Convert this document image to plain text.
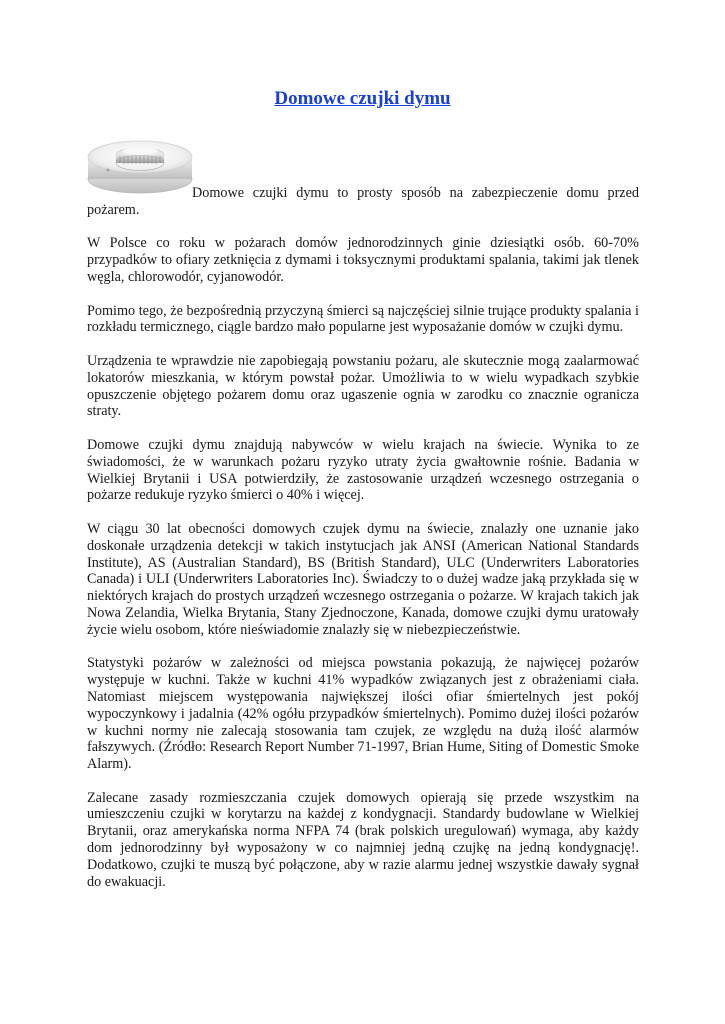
Domowe czujki dymu

Domowe czujki dymu to prosty sposób na zabezpieczenie domu przed pożarem.

W Polsce co roku w pożarach domów jednorodzinnych ginie dziesiątki osób. 60-70% przypadków to ofiary zetknięcia z dymami i toksycznymi produktami spalania, takimi jak tlenek węgla, chlorowodór, cyjanowodór.

Pomimo tego, że bezpośrednią przyczyną śmierci są najczęściej silnie trujące produkty spalania i rozkładu termicznego, ciągle bardzo mało popularne jest wyposażanie domów w czujki dymu.

Urządzenia te wprawdzie nie zapobiegają powstaniu pożaru, ale skutecznie mogą zaalarmować lokatorów mieszkania, w którym powstał pożar. Umożliwia to w wielu wypadkach szybkie opuszczenie objętego pożarem domu oraz ugaszenie ognia w zarodku co znacznie ogranicza straty.

Domowe czujki dymu znajdują nabywców w wielu krajach na świecie. Wynika to ze świadomości, że w warunkach pożaru ryzyko utraty życia gwałtownie rośnie. Badania w Wielkiej Brytanii i USA potwierdziły, że zastosowanie urządzeń wczesnego ostrzegania o pożarze redukuje ryzyko śmierci o 40% i więcej.

W ciągu 30 lat obecności domowych czujek dymu na świecie, znalazły one uznanie jako doskonałe urządzenia detekcji w takich instytucjach jak ANSI (American National Standards Institute), AS (Australian Standard), BS (British Standard), ULC (Underwriters Laboratories Canada) i ULI (Underwriters Laboratories Inc). Świadczy to o dużej wadze jaką przykłada się w niektórych krajach do prostych urządzeń wczesnego ostrzegania o pożarze. W krajach takich jak Nowa Zelandia, Wielka Brytania, Stany Zjednoczone, Kanada, domowe czujki dymu uratowały życie wielu osobom, które nieświadomie znalazły się w niebezpieczeństwie.

Statystyki pożarów w zależności od miejsca powstania pokazują, że najwięcej pożarów występuje w kuchni. Także w kuchni 41% wypadków związanych jest z obrażeniami ciała. Natomiast miejscem występowania największej ilości ofiar śmiertelnych jest pokój wypoczynkowy i jadalnia (42% ogółu przypadków śmiertelnych). Pomimo dużej ilości pożarów w kuchni normy nie zalecają stosowania tam czujek, ze względu na dużą ilość alarmów fałszywych. (Źródło: Research Report Number 71-1997, Brian Hume, Siting of Domestic Smoke Alarm).

Zalecane zasady rozmieszczania czujek domowych opierają się przede wszystkim na umieszczeniu czujki w korytarzu na każdej z kondygnacji. Standardy budowlane w Wielkiej Brytanii, oraz amerykańska norma NFPA 74 (brak polskich uregulowań) wymaga, aby każdy dom jednorodzinny był wyposażony w co najmniej jedną czujkę na jedną kondygnację!. Dodatkowo, czujki te muszą być połączone, aby w razie alarmu jednej wszystkie dawały sygnał do ewakuacji.
